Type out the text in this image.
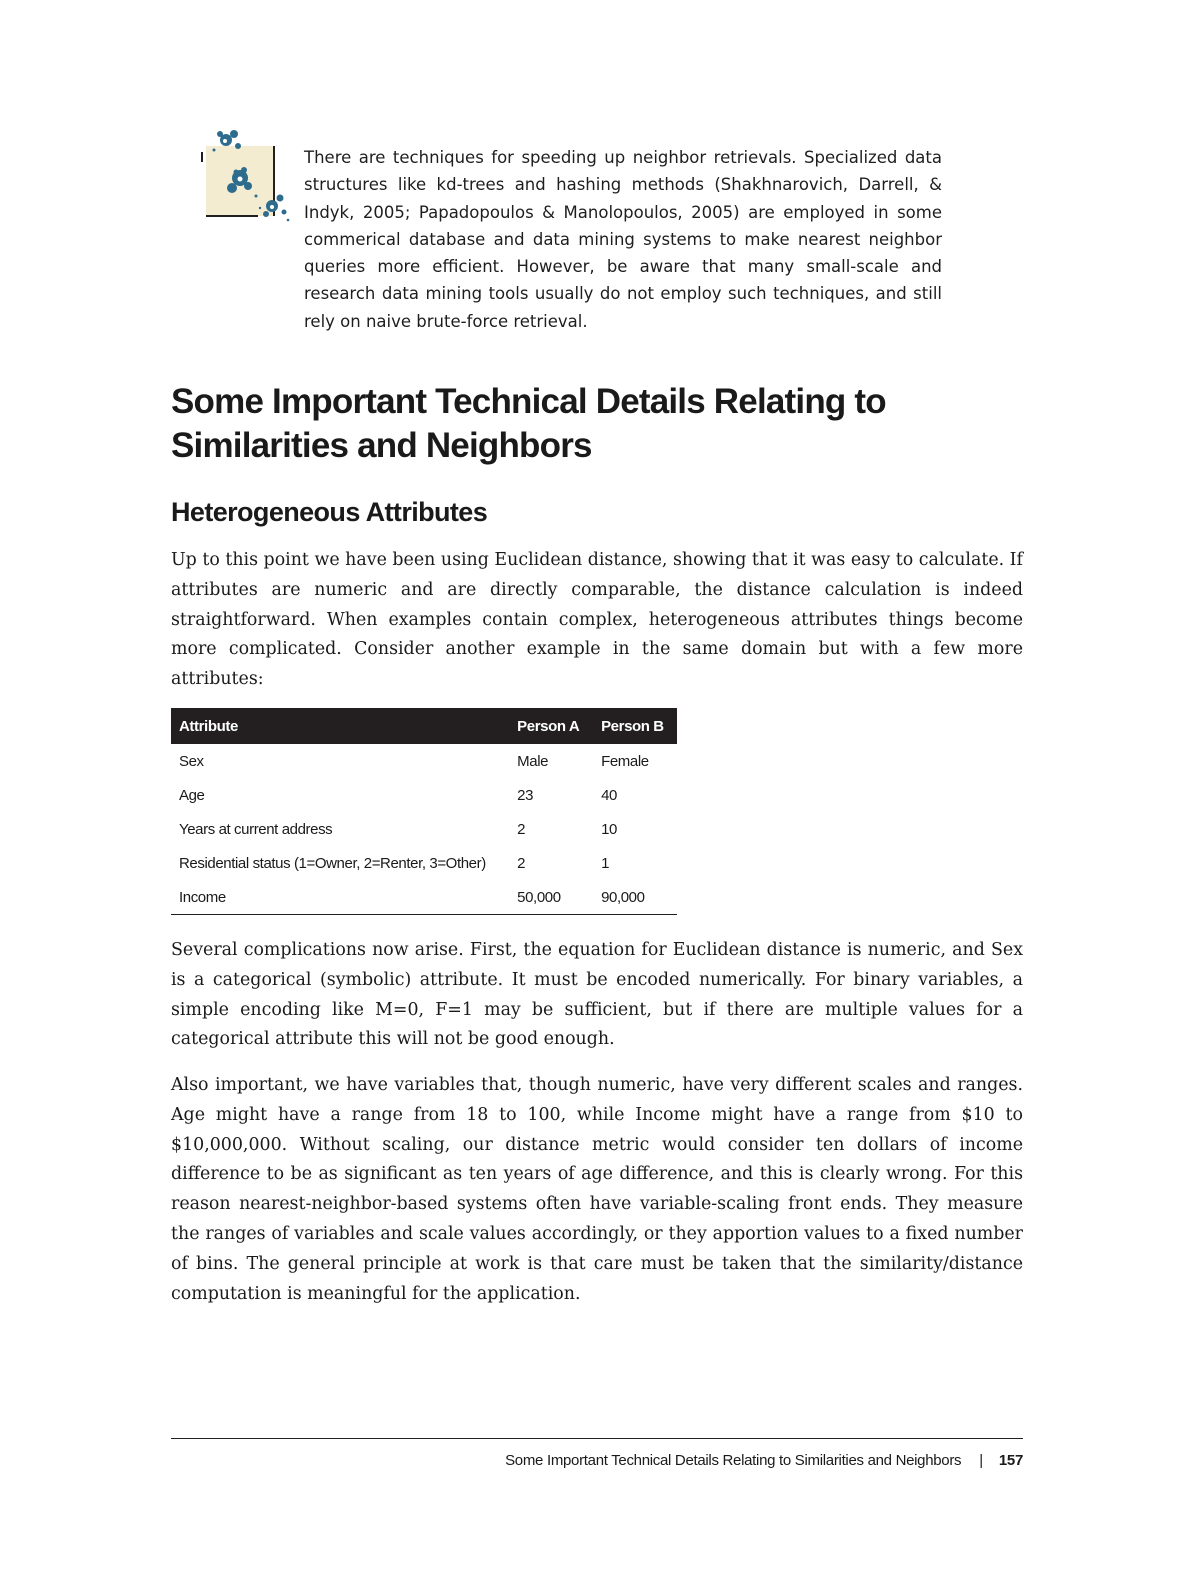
There are techniques for speeding up neighbor retrievals. Specialized data structures like kd-trees and hashing methods (Shakhnarovich, Darrell, & Indyk, 2005; Papadopoulos & Manolopoulos, 2005) are employed in some commerical database and data mining systems to make nearest neighbor queries more efficient. However, be aware that many small-scale and research data mining tools usually do not employ such techniques, and still rely on naive brute-force retrieval.
Some Important Technical Details Relating to Similarities and Neighbors
Heterogeneous Attributes

Up to this point we have been using Euclidean distance, showing that it was easy to calculate. If attributes are numeric and are directly comparable, the distance calculation is indeed straightforward. When examples contain complex, heterogeneous attributes things become more complicated. Consider another example in the same domain but with a few more attributes:

Attribute	Person A	Person B
Sex	Male	Female
Age	23	40
Years at current address	2	10
Residential status (1=Owner, 2=Renter, 3=Other)	2	1
Income	50,000	90,000

Several complications now arise. First, the equation for Euclidean distance is numeric, and Sex is a categorical (symbolic) attribute. It must be encoded numerically. For binary variables, a simple encoding like M=0, F=1 may be sufficient, but if there are multiple values for a categorical attribute this will not be good enough.

Also important, we have variables that, though numeric, have very different scales and ranges. Age might have a range from 18 to 100, while Income might have a range from $10 to $10,000,000. Without scaling, our distance metric would consider ten dollars of income difference to be as significant as ten years of age difference, and this is clearly wrong. For this reason nearest-neighbor-based systems often have variable-scaling front ends. They measure the ranges of variables and scale values accordingly, or they apportion values to a fixed number of bins. The general principle at work is that care must be taken that the similarity/distance computation is meaningful for the application.

Some Important Technical Details Relating to Similarities and Neighbors | 157
